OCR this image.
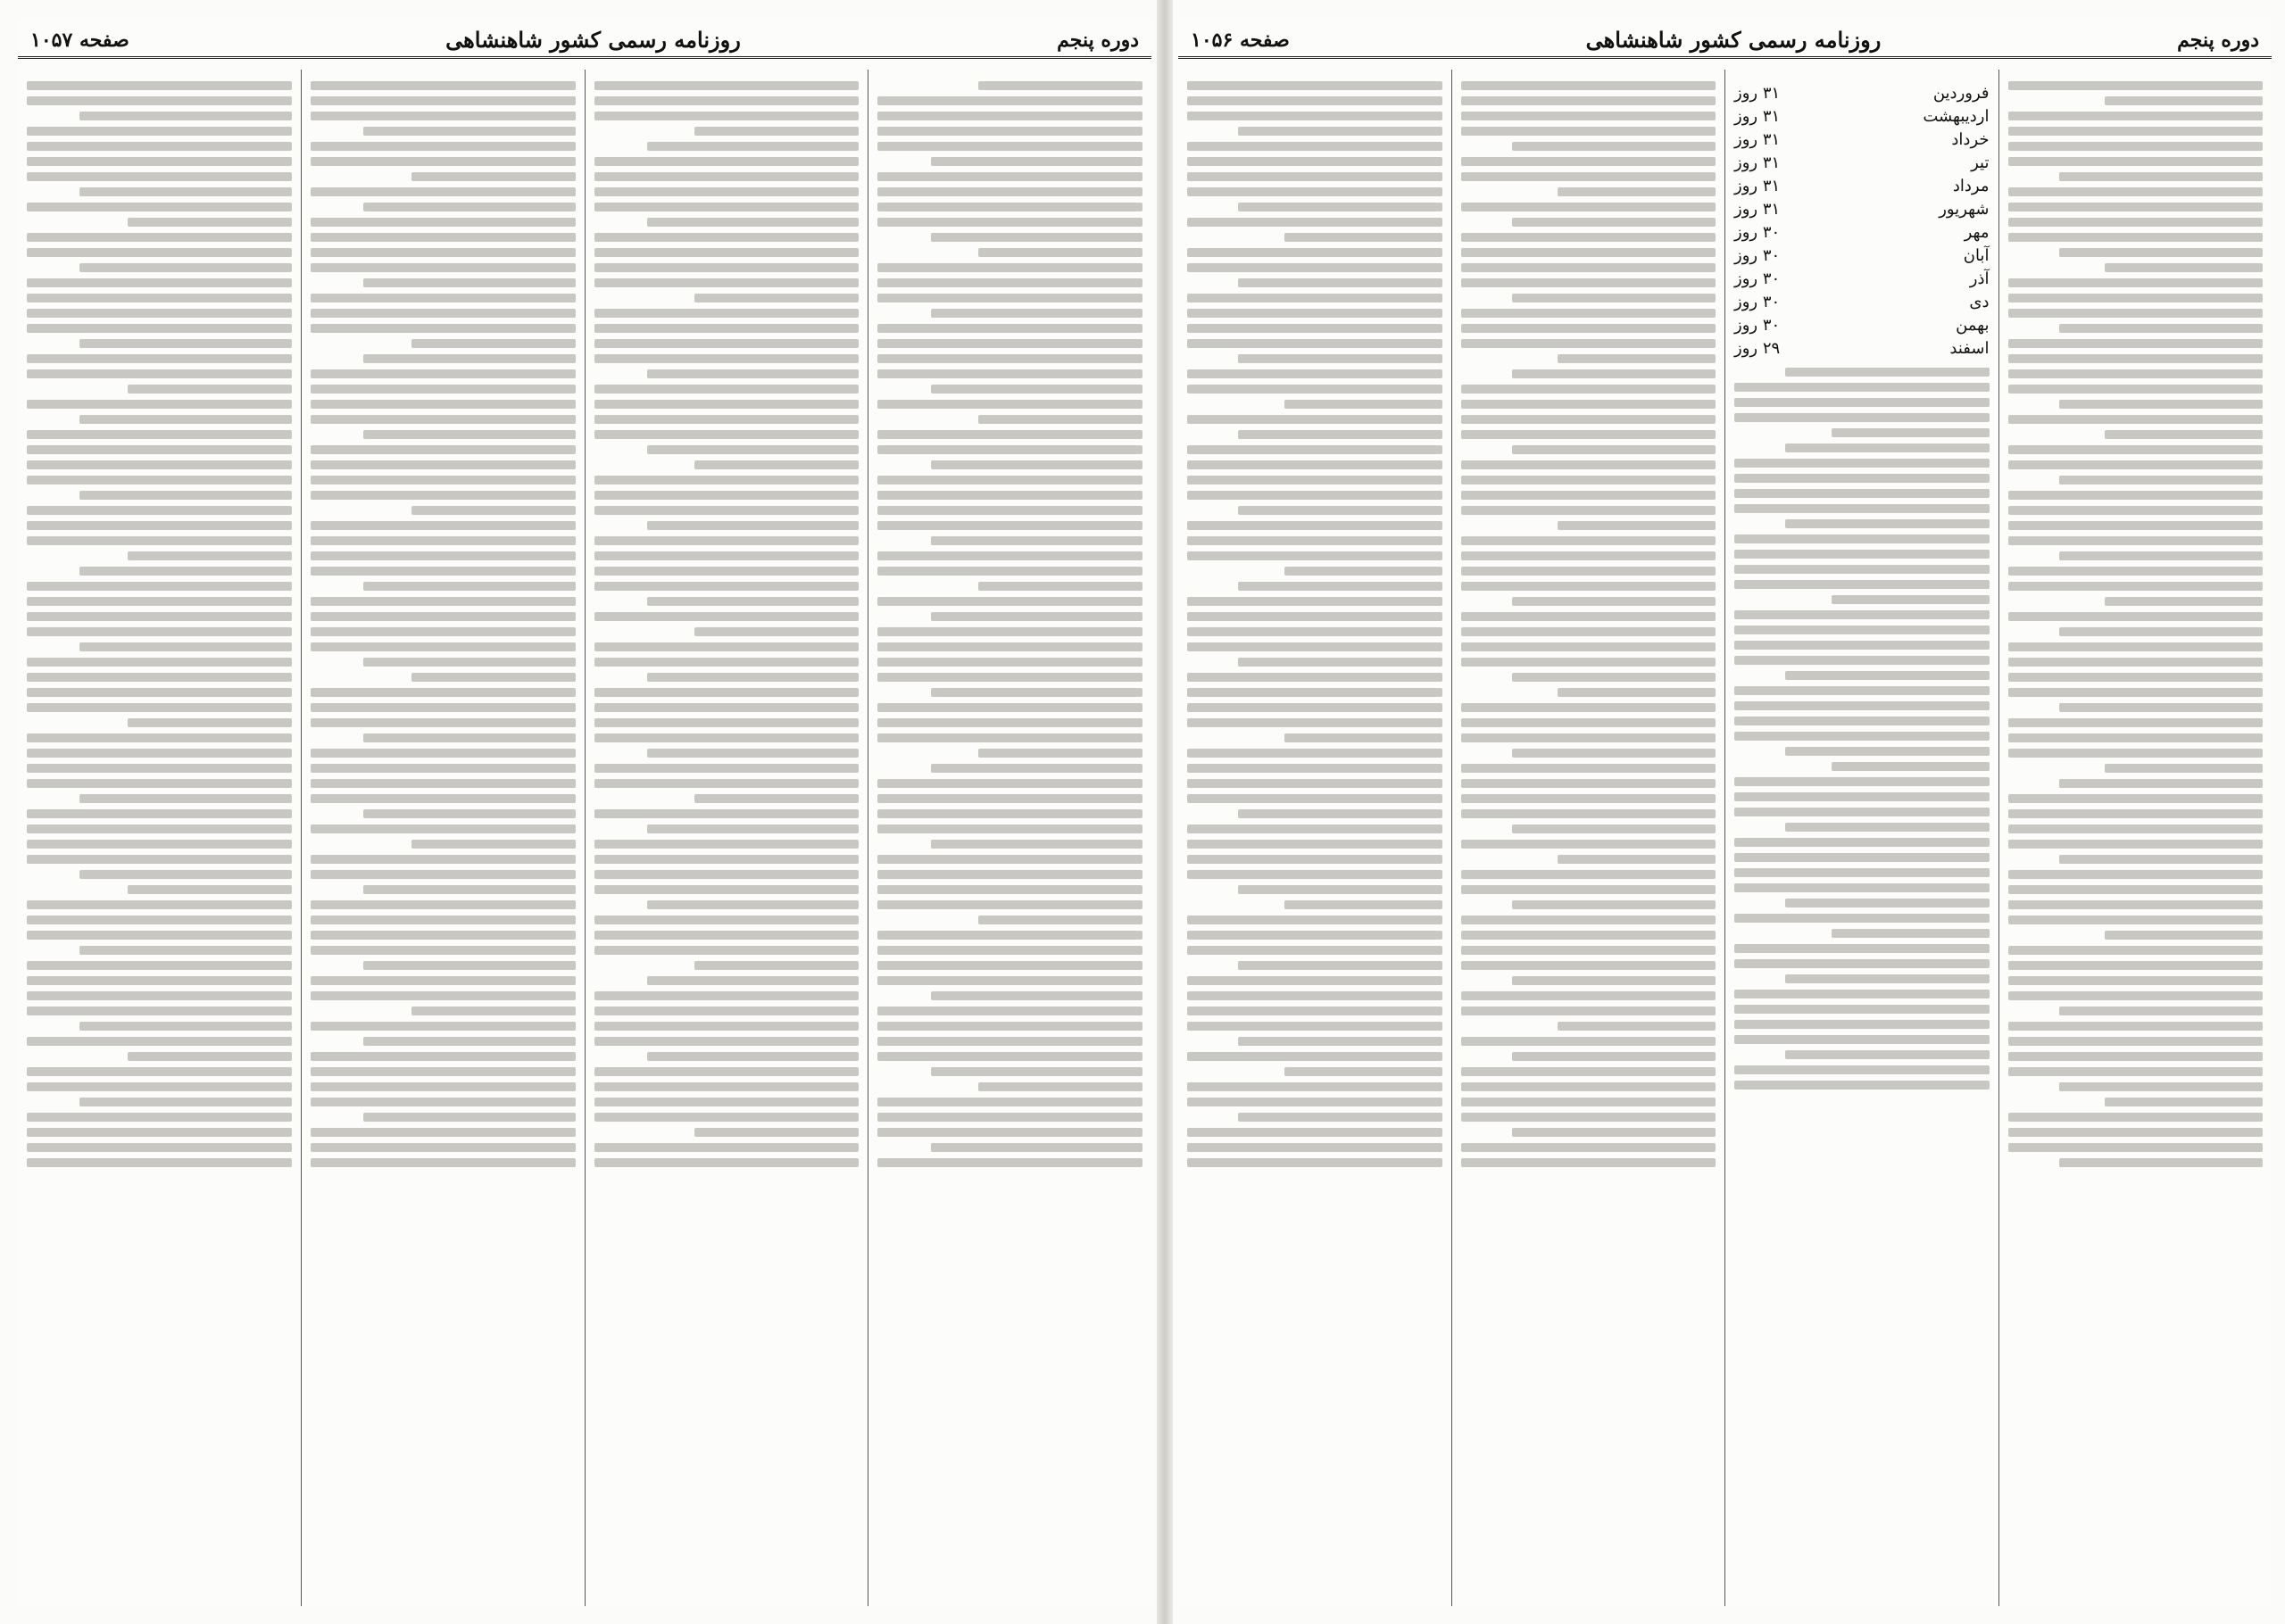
دوره پنجم
روزنامه رسمی کشور شاهنشاهی
صفحه ۱۰۵۷	دوره پنجم
روزنامه رسمی کشور شاهنشاهی
صفحه ۱۰۵۶
فروردین
۳۱ روز
اردیبهشت
۳۱ روز
خرداد
۳۱ روز
تیر
۳۱ روز
مرداد
۳۱ روز
شهریور
۳۱ روز
مهر
۳۰ روز
آبان
۳۰ روز
آذر
۳۰ روز
دی
۳۰ روز
بهمن
۳۰ روز
اسفند
۲۹ روز
